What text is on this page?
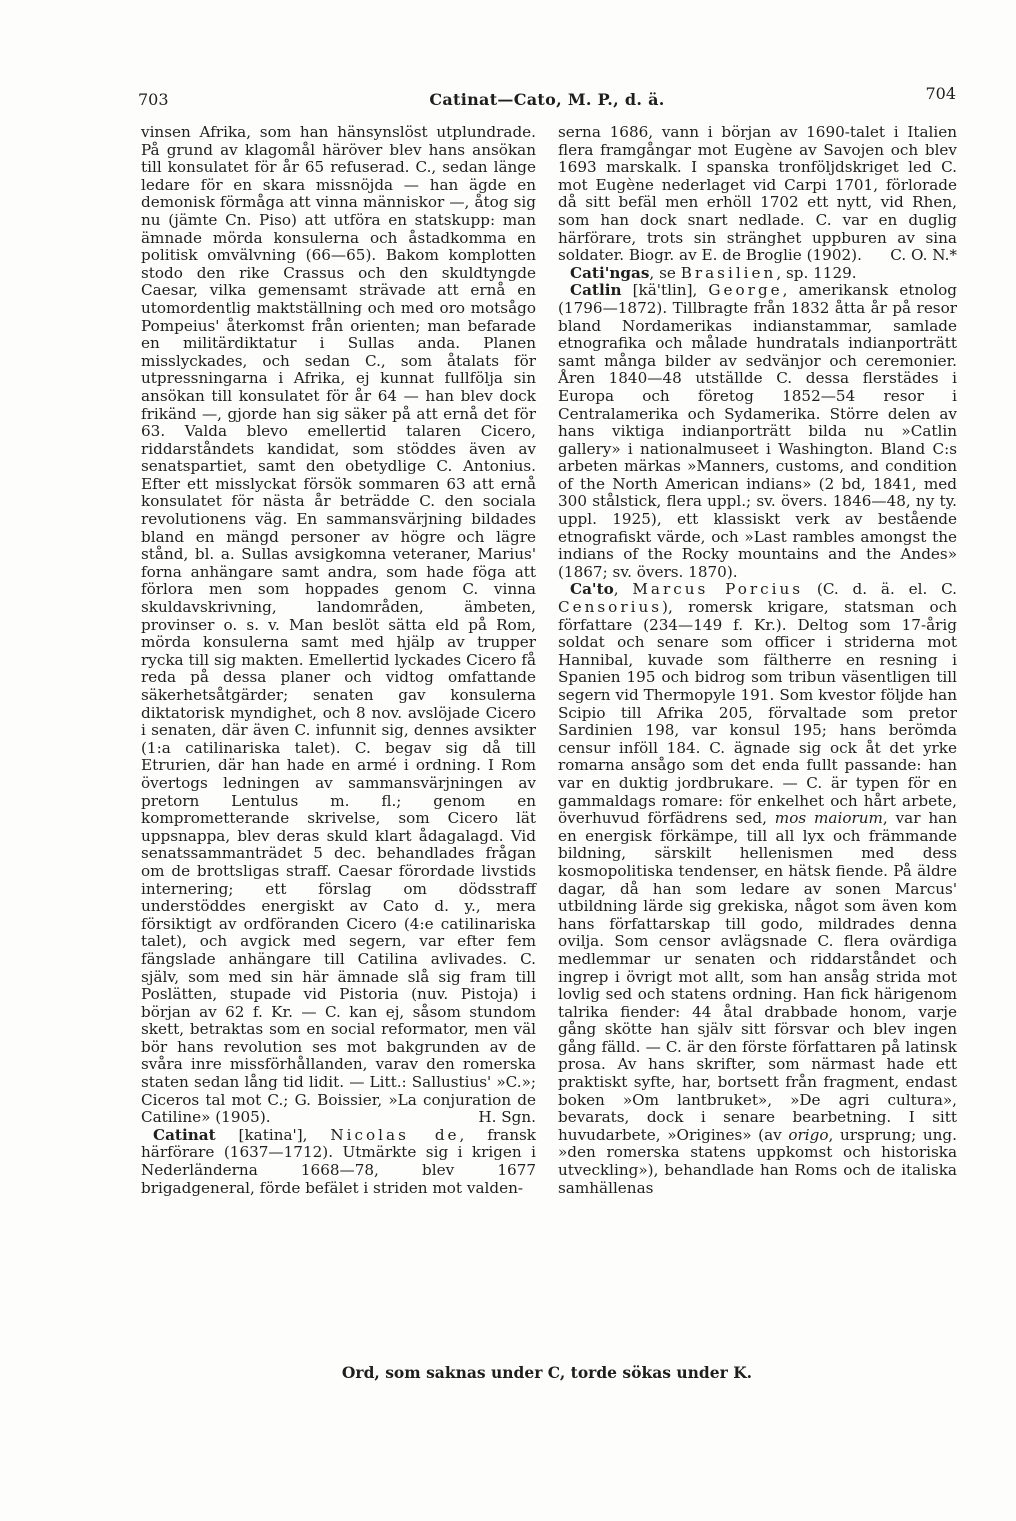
703	Catinat—Cato, M. P., d. ä.	704

vinsen Afrika, som han hänsynslöst utplundrade. På grund av klagomål häröver blev hans ansökan till konsulatet för år 65 refuserad. C., sedan länge ledare för en skara missnöjda — han ägde en demonisk förmåga att vinna människor —, åtog sig nu (jämte Cn. Piso) att utföra en statskupp: man ämnade mörda konsulerna och åstadkomma en politisk omvälvning (66—65). Bakom komplotten stodo den rike Crassus och den skuldtyngde Caesar, vilka gemensamt strävade att ernå en utomordentlig maktställning och med oro motsågo Pompeius' återkomst från orienten; man befarade en militärdiktatur i Sullas anda. Planen misslyckades, och sedan C., som åtalats för utpressningarna i Afrika, ej kunnat fullfölja sin ansökan till konsulatet för år 64 — han blev dock frikänd —, gjorde han sig säker på att ernå det för 63. Valda blevo emellertid talaren Cicero, riddarståndets kandidat, som stöddes även av senatspartiet, samt den obetydlige C. Antonius. Efter ett misslyckat försök sommaren 63 att ernå konsulatet för nästa år beträdde C. den sociala revolutionens väg. En sammansvärjning bildades bland en mängd personer av högre och lägre stånd, bl. a. Sullas avsigkomna veteraner, Marius' forna anhängare samt andra, som hade föga att förlora men som hoppades genom C. vinna skuldavskrivning, landområden, ämbeten, provinser o. s. v. Man beslöt sätta eld på Rom, mörda konsulerna samt med hjälp av trupper rycka till sig makten. Emellertid lyckades Cicero få reda på dessa planer och vidtog omfattande säkerhetsåtgärder; senaten gav konsulerna diktatorisk myndighet, och 8 nov. avslöjade Cicero i senaten, där även C. infunnit sig, dennes avsikter (1:a catilinariska talet). C. begav sig då till Etrurien, där han hade en armé i ordning. I Rom övertogs ledningen av sammansvärjningen av pretorn Lentulus m. fl.; genom en komprometterande skrivelse, som Cicero lät uppsnappa, blev deras skuld klart ådagalagd. Vid senatssammanträdet 5 dec. behandlades frågan om de brottsligas straff. Caesar förordade livstids internering; ett förslag om dödsstraff understöddes energiskt av Cato d. y., mera försiktigt av ordföranden Cicero (4:e catilinariska talet), och avgick med segern, var efter fem fängslade anhängare till Catilina avlivades. C. själv, som med sin här ämnade slå sig fram till Poslätten, stupade vid Pistoria (nuv. Pistoja) i början av 62 f. Kr. — C. kan ej, såsom stundom skett, betraktas som en social reformator, men väl bör hans revolution ses mot bakgrunden av de svåra inre missförhållanden, varav den romerska staten sedan lång tid lidit. — Litt.: Sallustius' »C.»; Ciceros tal mot C.; G. Boissier, »La conjuration de Catiline» (1905).	H. Sgn.

Catinat [katina'], Nicolas de, fransk härförare (1637—1712). Utmärkte sig i krigen i Nederländerna 1668—78, blev 1677 brigadgeneral, förde befälet i striden mot valden-

serna 1686, vann i början av 1690-talet i Italien flera framgångar mot Eugène av Savojen och blev 1693 marskalk. I spanska tronföljdskriget led C. mot Eugène nederlaget vid Carpi 1701, förlorade då sitt befäl men erhöll 1702 ett nytt, vid Rhen, som han dock snart nedlade. C. var en duglig härförare, trots sin stränghet uppburen av sina soldater. Biogr. av E. de Broglie (1902). C. O. N.*

Cati'ngas, se Brasilien, sp. 1129.

Catlin [kä'tlin], George, amerikansk etnolog (1796—1872). Tillbragte från 1832 åtta år på resor bland Nordamerikas indianstammar, samlade etnografika och målade hundratals indianporträtt samt många bilder av sedvänjor och ceremonier. Åren 1840—48 utställde C. dessa flerstädes i Europa och företog 1852—54 resor i Centralamerika och Sydamerika. Större delen av hans viktiga indianporträtt bilda nu »Catlin gallery» i nationalmuseet i Washington. Bland C:s arbeten märkas »Manners, customs, and condition of the North American indians» (2 bd, 1841, med 300 stålstick, flera uppl.; sv. övers. 1846—48, ny ty. uppl. 1925), ett klassiskt verk av bestående etnografiskt värde, och »Last rambles amongst the indians of the Rocky mountains and the Andes» (1867; sv. övers. 1870).

Ca'to, Marcus Porcius (C. d. ä. el. C. Censorius), romersk krigare, statsman och författare (234—149 f. Kr.). Deltog som 17-årig soldat och senare som officer i striderna mot Hannibal, kuvade som fältherre en resning i Spanien 195 och bidrog som tribun väsentligen till segern vid Thermopyle 191. Som kvestor följde han Scipio till Afrika 205, förvaltade som pretor Sardinien 198, var konsul 195; hans berömda censur inföll 184. C. ägnade sig ock åt det yrke romarna ansågo som det enda fullt passande: han var en duktig jordbrukare. — C. är typen för en gammaldags romare: för enkelhet och hårt arbete, överhuvud förfädrens sed, mos maiorum, var han en energisk förkämpe, till all lyx och främmande bildning, särskilt hellenismen med dess kosmopolitiska tendenser, en hätsk fiende. På äldre dagar, då han som ledare av sonen Marcus' utbildning lärde sig grekiska, något som även kom hans författarskap till godo, mildrades denna ovilja. Som censor avlägsnade C. flera ovärdiga medlemmar ur senaten och riddarståndet och ingrep i övrigt mot allt, som han ansåg strida mot lovlig sed och statens ordning. Han fick härigenom talrika fiender: 44 åtal drabbade honom, varje gång skötte han själv sitt försvar och blev ingen gång fälld. — C. är den förste författaren på latinsk prosa. Av hans skrifter, som närmast hade ett praktiskt syfte, har, bortsett från fragment, endast boken »Om lantbruket», »De agri cultura», bevarats, dock i senare bearbetning. I sitt huvudarbete, »Origines» (av origo, ursprung; ung. »den romerska statens uppkomst och historiska utveckling»), behandlade han Roms och de italiska samhällenas

Ord, som saknas under C, torde sökas under K.
